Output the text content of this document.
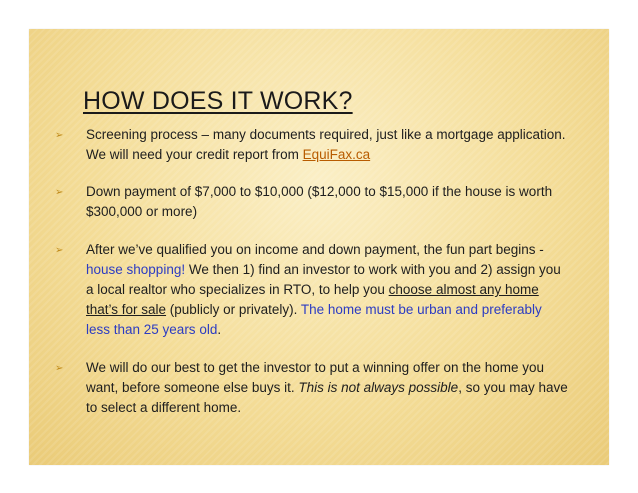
HOW DOES IT WORK?
➢ Screening process – many documents required, just like a mortgage application. We will need your credit report from EquiFax.ca
➢ Down payment of $7,000 to $10,000 ($12,000 to $15,000 if the house is worth $300,000 or more)
➢ After we’ve qualified you on income and down payment, the fun part begins - house shopping! We then 1) find an investor to work with you and 2) assign you a local realtor who specializes in RTO, to help you choose almost any home that’s for sale (publicly or privately). The home must be urban and preferably less than 25 years old.
➢ We will do our best to get the investor to put a winning offer on the home you want, before someone else buys it. This is not always possible, so you may have to select a different home.
